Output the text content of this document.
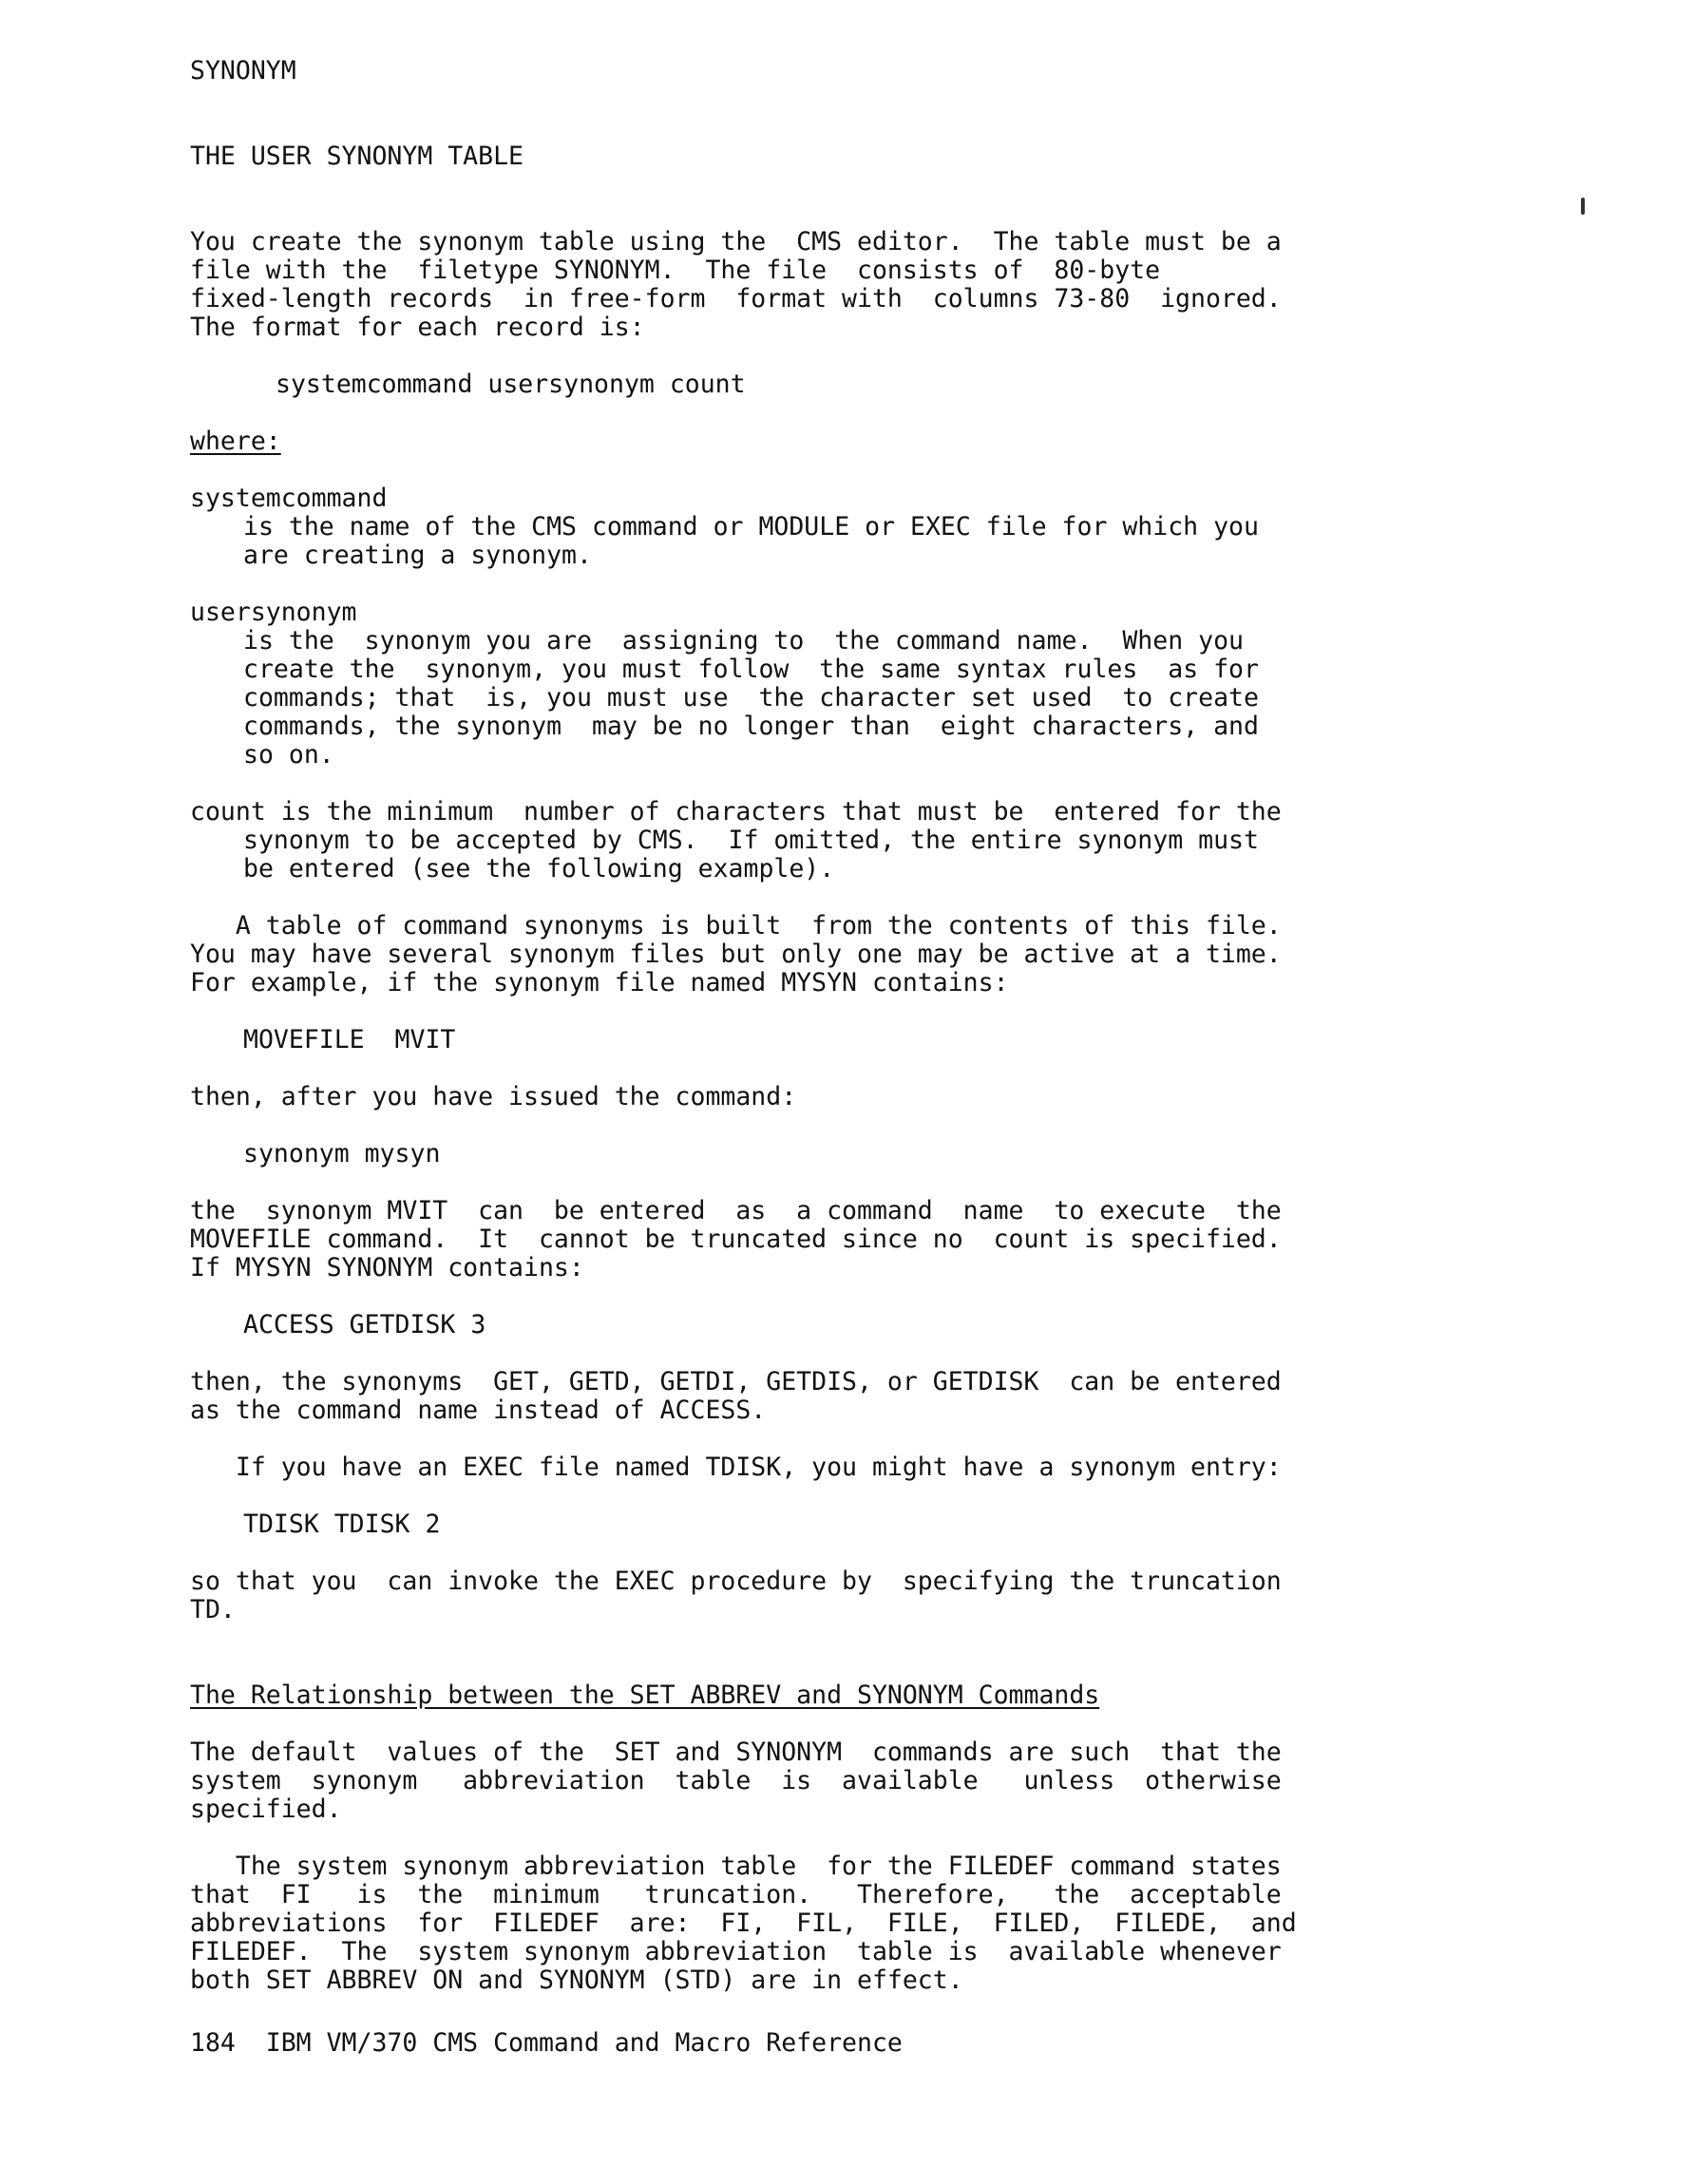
SYNONYM
THE USER SYNONYM TABLE
You create the synonym table using the  CMS editor.  The table must be a
file with the  filetype SYNONYM.  The file  consists of  80-byte
fixed-length records  in free-form  format with  columns 73-80  ignored.
The format for each record is:
systemcommand usersynonym count
where:
systemcommand
is the name of the CMS command or MODULE or EXEC file for which you
are creating a synonym.
usersynonym
is the  synonym you are  assigning to  the command name.  When you
create the  synonym, you must follow  the same syntax rules  as for
commands; that  is, you must use  the character set used  to create
commands, the synonym  may be no longer than  eight characters, and
so on.
count is the minimum  number of characters that must be  entered for the
synonym to be accepted by CMS.  If omitted, the entire synonym must
be entered (see the following example).
A table of command synonyms is built  from the contents of this file.
You may have several synonym files but only one may be active at a time.
For example, if the synonym file named MYSYN contains:
MOVEFILE  MVIT
then, after you have issued the command:
synonym mysyn
the  synonym MVIT  can  be entered  as  a command  name  to execute  the
MOVEFILE command.  It  cannot be truncated since no  count is specified.
If MYSYN SYNONYM contains:
ACCESS GETDISK 3
then, the synonyms  GET, GETD, GETDI, GETDIS, or GETDISK  can be entered
as the command name instead of ACCESS.
If you have an EXEC file named TDISK, you might have a synonym entry:
TDISK TDISK 2
so that you  can invoke the EXEC procedure by  specifying the truncation
TD.
The Relationship between the SET ABBREV and SYNONYM Commands
The default  values of the  SET and SYNONYM  commands are such  that the
system  synonym   abbreviation  table  is  available   unless  otherwise
specified.
The system synonym abbreviation table  for the FILEDEF command states
that  FI   is  the  minimum   truncation.   Therefore,   the  acceptable
abbreviations  for  FILEDEF  are:  FI,  FIL,  FILE,  FILED,  FILEDE,  and
FILEDEF.  The  system synonym abbreviation  table is  available whenever
both SET ABBREV ON and SYNONYM (STD) are in effect.
184  IBM VM/370 CMS Command and Macro Reference
